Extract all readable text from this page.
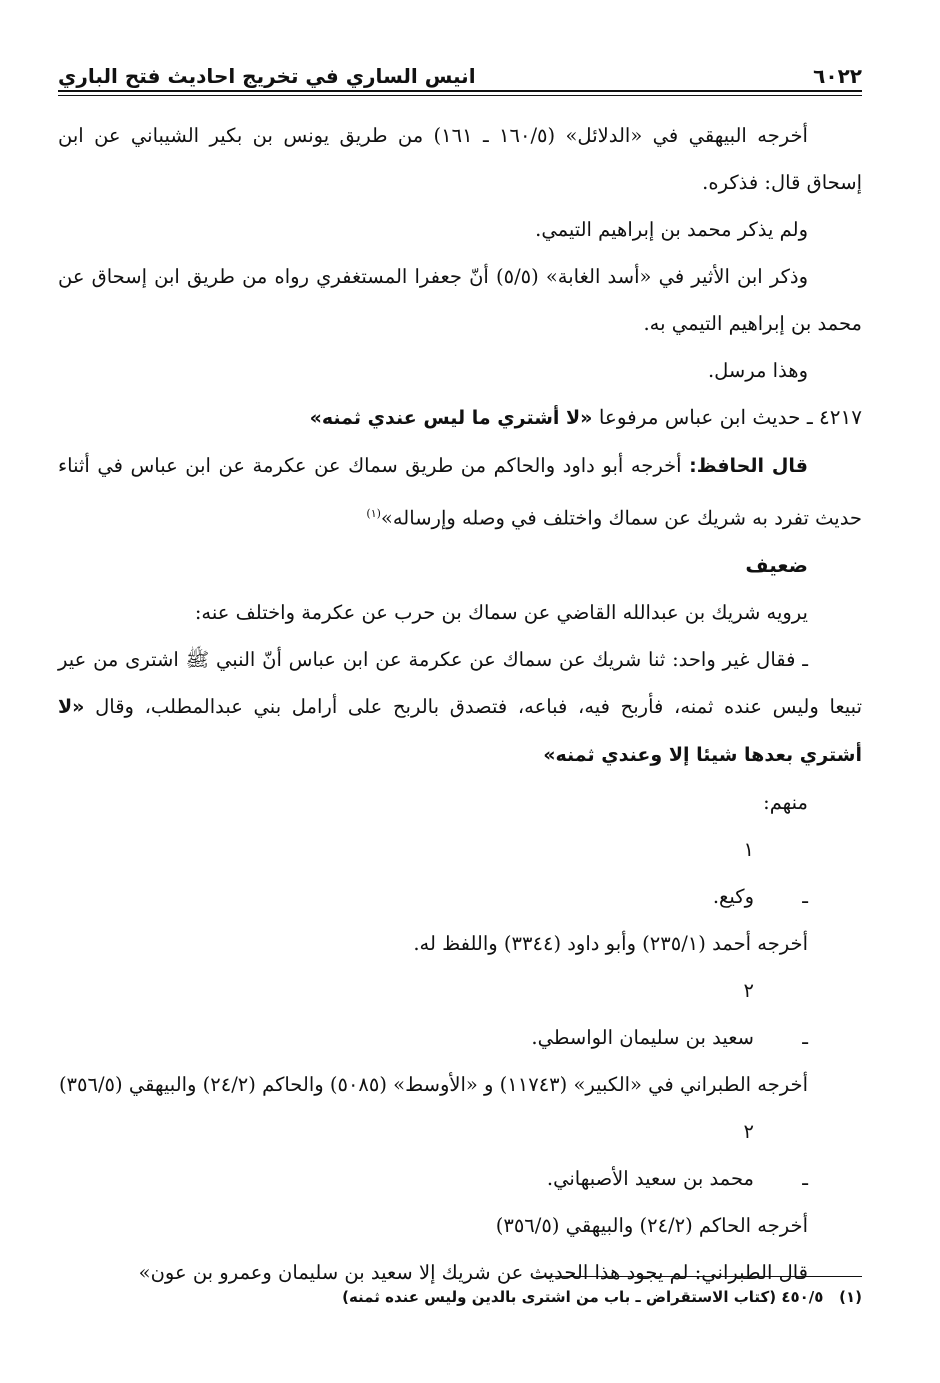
٦٠٢٢
انيس الساري في تخريج احاديث فتح الباري

أخرجه البيهقي في «الدلائل» (١٦٠/٥ ـ ١٦١) من طريق يونس بن بكير الشيباني عن ابن إسحاق قال: فذكره.

ولم يذكر محمد بن إبراهيم التيمي.

وذكر ابن الأثير في «أسد الغابة» (٥/٥) أنّ جعفرا المستغفري رواه من طريق ابن إسحاق عن محمد بن إبراهيم التيمي به.

وهذا مرسل.

٤٢١٧ ـ حديث ابن عباس مرفوعا «لا أشتري ما ليس عندي ثمنه»

قال الحافظ: أخرجه أبو داود والحاكم من طريق سماك عن عكرمة عن ابن عباس في أثناء حديث تفرد به شريك عن سماك واختلف في وصله وإرساله»$^{(١)}$

ضعيف

يرويه شريك بن عبدالله القاضي عن سماك بن حرب عن عكرمة واختلف عنه:

ـ فقال غير واحد: ثنا شريك عن سماك عن عكرمة عن ابن عباس أنّ النبي ﷺ اشترى من عير تبيعا وليس عنده ثمنه، فأربح فيه، فباعه، فتصدق بالربح على أرامل بني عبدالمطلب، وقال «لا أشتري بعدها شيئا إلا وعندي ثمنه»

منهم:

١ ـوكيع.

أخرجه أحمد (٢٣٥/١) وأبو داود (٣٣٤٤) واللفظ له.

٢ ـسعيد بن سليمان الواسطي.

أخرجه الطبراني في «الكبير» (١١٧٤٣) و «الأوسط» (٥٠٨٥) والحاكم (٢٤/٢) والبيهقي (٣٥٦/٥)

٢ ـمحمد بن سعيد الأصبهاني.

أخرجه الحاكم (٢٤/٢) والبيهقي (٣٥٦/٥)

قال الطبراني: لم يجود هذا الحديث عن شريك إلا سعيد بن سليمان وعمرو بن عون»

(١)   ٤٥٠/٥ (كتاب الاستقراض ـ باب من اشترى بالدين وليس عنده ثمنه)
